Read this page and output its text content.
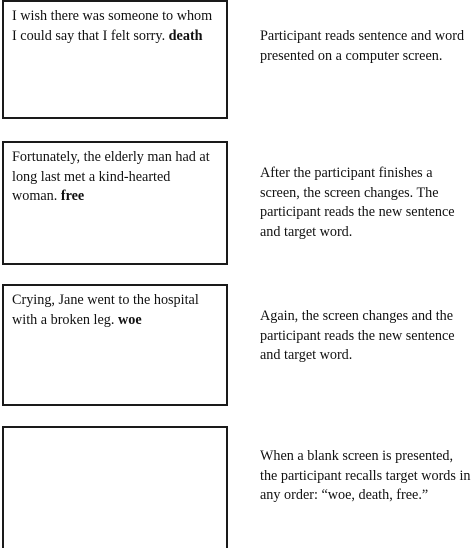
I wish there was someone to whom I could say that I felt sorry. death	Participant reads sentence and word presented on a computer screen.
Fortunately, the elderly man had at long last met a kind-hearted woman. free
After the participant finishes a screen, the screen changes. The participant reads the new sentence and target word.
Crying, Jane went to the hospital with a broken leg. woe	Again, the screen changes and the participant reads the new sentence and target word.
When a blank screen is presented, the participant recalls target words in any order: “woe, death, free.”
